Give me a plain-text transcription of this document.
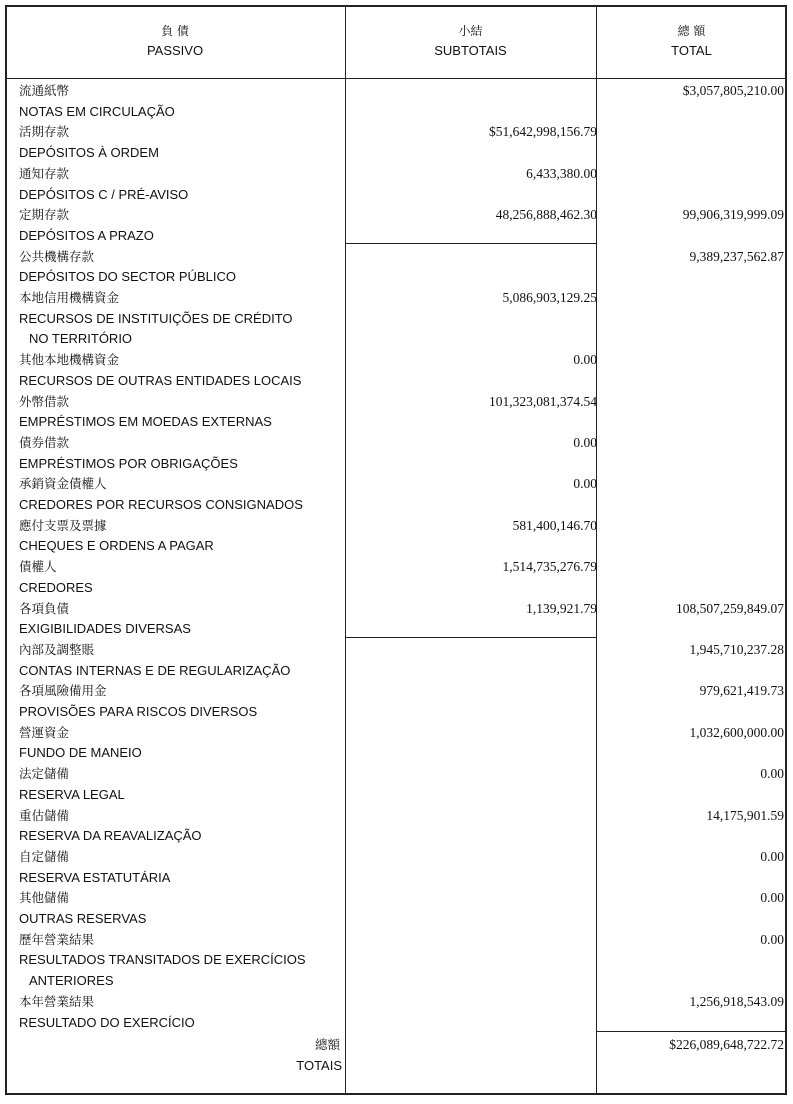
負 債
PASSIVO
小結
SUBTOTAIS
總 額
TOTAL
流通紙幣
NOTAS EM CIRCULAÇÃO
$3,057,805,210.00
活期存款
DEPÓSITOS À ORDEM
$51,642,998,156.79
通知存款
DEPÓSITOS C / PRÉ-AVISO
6,433,380.00
定期存款
DEPÓSITOS A PRAZO
48,256,888,462.30	99,906,319,999.09
公共機構存款
DEPÓSITOS DO SECTOR PÚBLICO
9,389,237,562.87
本地信用機構資金
RECURSOS DE INSTITUIÇÕES DE CRÉDITO
NO TERRITÓRIO
5,086,903,129.25
其他本地機構資金
RECURSOS DE OUTRAS ENTIDADES LOCAIS
0.00
外幣借款
EMPRÉSTIMOS EM MOEDAS EXTERNAS
101,323,081,374.54
債券借款
EMPRÉSTIMOS POR OBRIGAÇÕES
0.00
承銷資金債權人
CREDORES POR RECURSOS CONSIGNADOS
0.00
應付支票及票據
CHEQUES E ORDENS A PAGAR
581,400,146.70
債權人
CREDORES
1,514,735,276.79
各項負債
EXIGIBILIDADES DIVERSAS
1,139,921.79	108,507,259,849.07
內部及調整賬
CONTAS INTERNAS E DE REGULARIZAÇÃO
1,945,710,237.28
各項風險備用金
PROVISÕES PARA RISCOS DIVERSOS
979,621,419.73
營運資金
FUNDO DE MANEIO
1,032,600,000.00
法定儲備
RESERVA LEGAL
0.00
重估儲備
RESERVA DA REAVALIZAÇÃO
14,175,901.59
自定儲備
RESERVA ESTATUTÁRIA
0.00
其他儲備
OUTRAS RESERVAS
0.00
歷年營業結果
RESULTADOS TRANSITADOS DE EXERCÍCIOS
ANTERIORES
0.00
本年營業結果
RESULTADO DO EXERCÍCIO
1,256,918,543.09
總額
TOTAIS
$226,089,648,722.72
